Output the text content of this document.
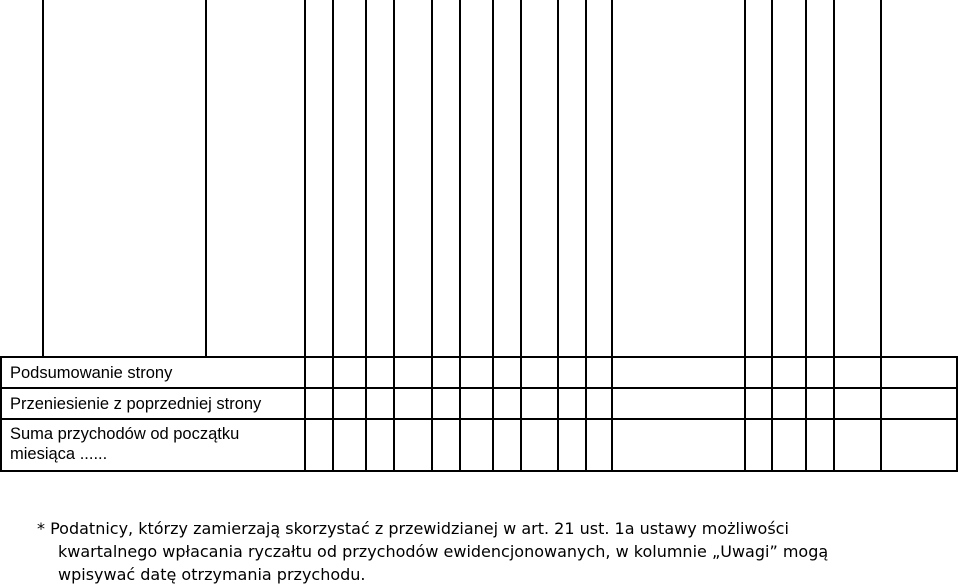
Podsumowanie strony
Przeniesienie z poprzedniej strony
Suma przychodów od początku
miesiąca ......
* Podatnicy, którzy zamierzają skorzystać z przewidzianej w art. 21 ust. 1a ustawy możliwości
kwartalnego wpłacania ryczałtu od przychodów ewidencjonowanych, w kolumnie „Uwagi” mogą
wpisywać datę otrzymania przychodu.
